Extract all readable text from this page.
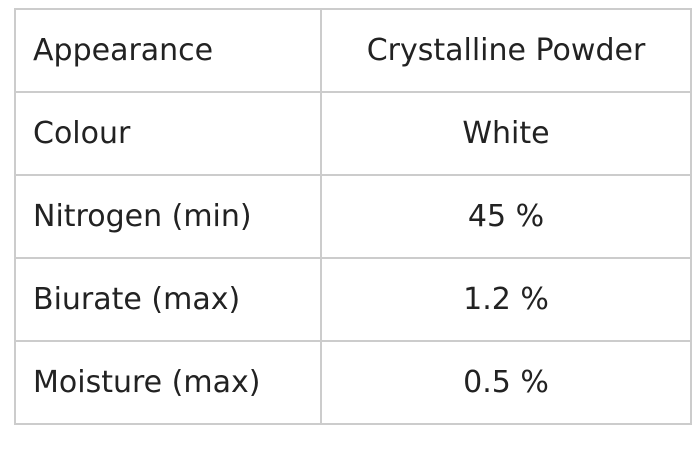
Appearance	Crystalline Powder
Colour	White
Nitrogen (min)	45 %
Biurate (max)	1.2 %
Moisture (max)	0.5 %
